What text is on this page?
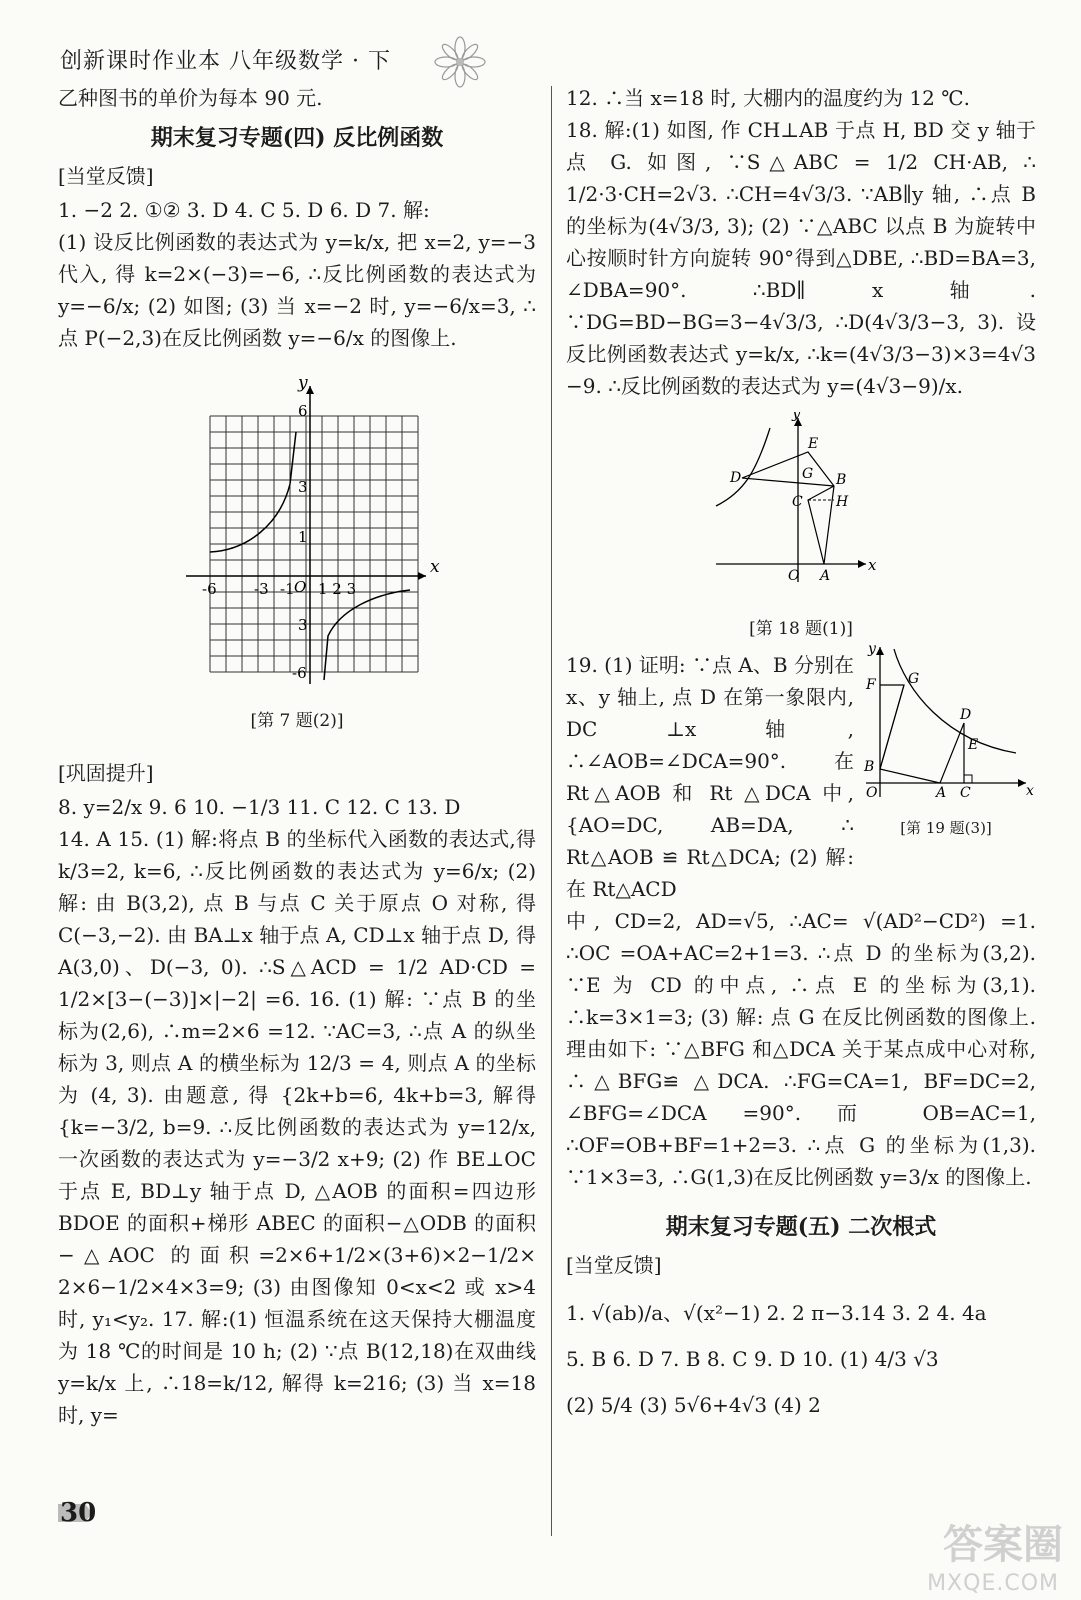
创新课时作业本 八年级数学 · 下

乙种图书的单价为每本 90 元.

期末复习专题(四) 反比例函数
[当堂反馈]

1. −2 2. ①② 3. D 4. C 5. D 6. D 7. 解:

(1) 设反比例函数的表达式为 y=k/x, 把 x=2, y=−3 代入, 得 k=2×(−3)=−6, ∴反比例函数的表达式为 y=−6/x; (2) 如图; (3) 当 x=−2 时, y=−6/x=3, ∴点 P(−2,3)在反比例函数 y=−6/x 的图像上.

y
x
O
6
3
1
3
-6
-6 -3 -1 1 2 3
[第 7 题(2)]
[巩固提升]

8. y=2/x 9. 6 10. −1/3 11. C 12. C 13. D

14. A 15. (1) 解:将点 B 的坐标代入函数的表达式,得 k/3=2, k=6, ∴反比例函数的表达式为 y=6/x; (2) 解: 由 B(3,2), 点 B 与点 C 关于原点 O 对称, 得 C(−3,−2). 由 BA⊥x 轴于点 A, CD⊥x 轴于点 D, 得 A(3,0)、D(−3, 0). ∴S△ACD = 1/2 AD·CD = 1/2×[3−(−3)]×|−2| =6. 16. (1) 解: ∵点 B 的坐标为(2,6), ∴m=2×6 =12. ∵AC=3, ∴点 A 的纵坐标为 3, 则点 A 的横坐标为 12/3 = 4, 则点 A 的坐标为 (4, 3). 由题意, 得 {2k+b=6, 4k+b=3, 解得 {k=−3/2, b=9. ∴反比例函数的表达式为 y=12/x, 一次函数的表达式为 y=−3/2 x+9; (2) 作 BE⊥OC 于点 E, BD⊥y 轴于点 D, △AOB 的面积=四边形 BDOE 的面积+梯形 ABEC 的面积−△ODB 的面积−△AOC 的面积=2×6+1/2×(3+6)×2−1/2× 2×6−1/2×4×3=9; (3) 由图像知 0<x<2 或 x>4 时, y₁<y₂. 17. 解:(1) 恒温系统在这天保持大棚温度为 18 ℃的时间是 10 h; (2) ∵点 B(12,18)在双曲线 y=k/x 上, ∴18=k/12, 解得 k=216; (3) 当 x=18 时, y=

12. ∴当 x=18 时, 大棚内的温度约为 12 ℃.

18. 解:(1) 如图, 作 CH⊥AB 于点 H, BD 交 y 轴于点 G. 如图, ∵S△ABC = 1/2 CH·AB, ∴ 1/2·3·CH=2√3. ∴CH=4√3/3. ∵AB∥y 轴, ∴点 B 的坐标为(4√3/3, 3); (2) ∵△ABC 以点 B 为旋转中心按顺时针方向旋转 90°得到△DBE, ∴BD=BA=3, ∠DBA=90°. ∴BD∥ x 轴. ∵DG=BD−BG=3−4√3/3, ∴D(4√3/3−3, 3). 设反比例函数表达式 y=k/x, ∴k=(4√3/3−3)×3=4√3 −9. ∴反比例函数的表达式为 y=(4√3−9)/x.

y
x
E
D	G B
C H
O A
[第 18 题(1)]

19. (1) 证明: ∵点 A、B 分别在 x、y 轴上, 点 D 在第一象限内, DC ⊥x 轴, ∴∠AOB=∠DCA=90°. 在 Rt△AOB 和 Rt △DCA 中, {AO=DC, AB=DA, ∴ Rt△AOB ≌ Rt△DCA; (2) 解: 在 Rt△ACD

y
x
F G
D
E
B
O	A C
[第 19 题(3)]

中, CD=2, AD=√5, ∴AC= √(AD²−CD²) =1. ∴OC =OA+AC=2+1=3. ∴点 D 的坐标为(3,2). ∵E 为 CD 的中点, ∴点 E 的坐标为(3,1). ∴k=3×1=3; (3) 解: 点 G 在反比例函数的图像上. 理由如下: ∵△BFG 和△DCA 关于某点成中心对称, ∴△BFG≌ △DCA. ∴FG=CA=1, BF=DC=2, ∠BFG=∠DCA =90°. 而 OB=AC=1, ∴OF=OB+BF=1+2=3. ∴点 G 的坐标为(1,3). ∵1×3=3, ∴G(1,3)在反比例函数 y=3/x 的图像上.

期末复习专题(五) 二次根式
[当堂反馈]

1. √(ab)/a、√(x²−1) 2. 2 π−3.14 3. 2 4. 4a

5. B 6. D 7. B 8. C 9. D 10. (1) 4/3 √3

(2) 5/4 (3) 5√6+4√3 (4) 2

30
答案圈
MXQE.COM
